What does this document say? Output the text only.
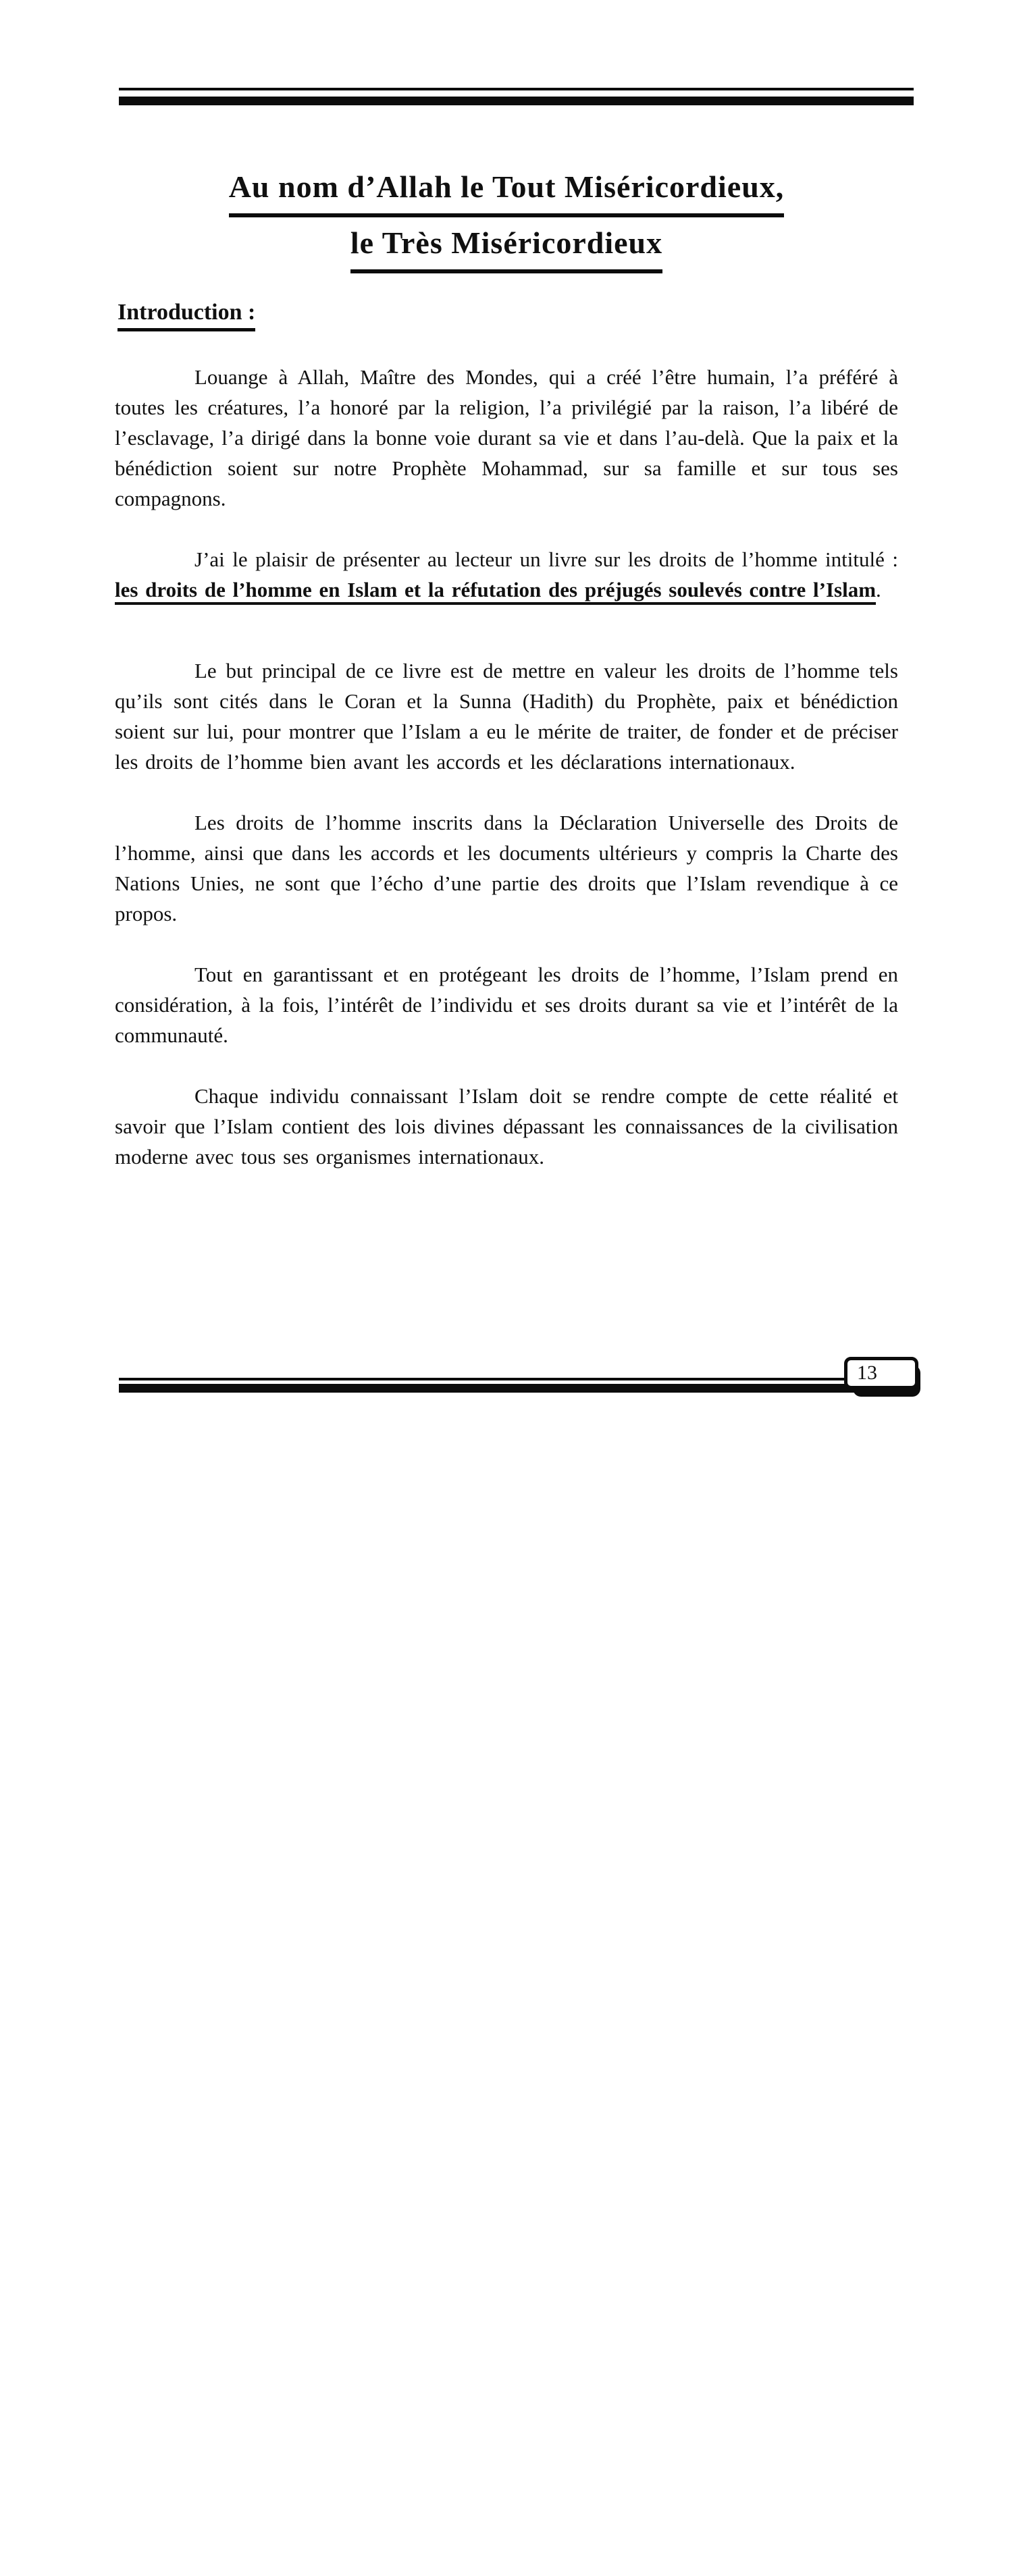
Au nom d’Allah le Tout Miséricordieux,
le Très Miséricordieux
Introduction :

Louange à Allah, Maître des Mondes, qui a créé l’être humain, l’a préféré à toutes les créatures, l’a honoré par la religion, l’a privilégié par la raison, l’a libéré de l’esclavage, l’a dirigé dans la bonne voie durant sa vie et dans l’au-delà. Que la paix et la bénédiction soient sur notre Prophète Mohammad, sur sa famille et sur tous ses compagnons.

J’ai le plaisir de présenter au lecteur un livre sur les droits de l’homme intitulé : les droits de l’homme en Islam et la réfutation des préjugés soulevés contre l’Islam.

Le but principal de ce livre est de mettre en valeur les droits de l’homme tels qu’ils sont cités dans le Coran et la Sunna (Hadith) du Prophète, paix et bénédiction soient sur lui, pour montrer que l’Islam a eu le mérite de traiter, de fonder et de préciser les droits de l’homme bien avant les accords et les déclarations internationaux.

Les droits de l’homme inscrits dans la Déclaration Universelle des Droits de l’homme, ainsi que dans les accords et les documents ultérieurs y compris la Charte des Nations Unies, ne sont que l’écho d’une partie des droits que l’Islam revendique à ce propos.

Tout en garantissant et en protégeant les droits de l’homme, l’Islam prend en considération, à la fois, l’intérêt de l’individu et ses droits durant sa vie et l’intérêt de la communauté.

Chaque individu connaissant l’Islam doit se rendre compte de cette réalité et savoir que l’Islam contient des lois divines dépassant les connaissances de la civilisation moderne avec tous ses organismes internationaux.

13
